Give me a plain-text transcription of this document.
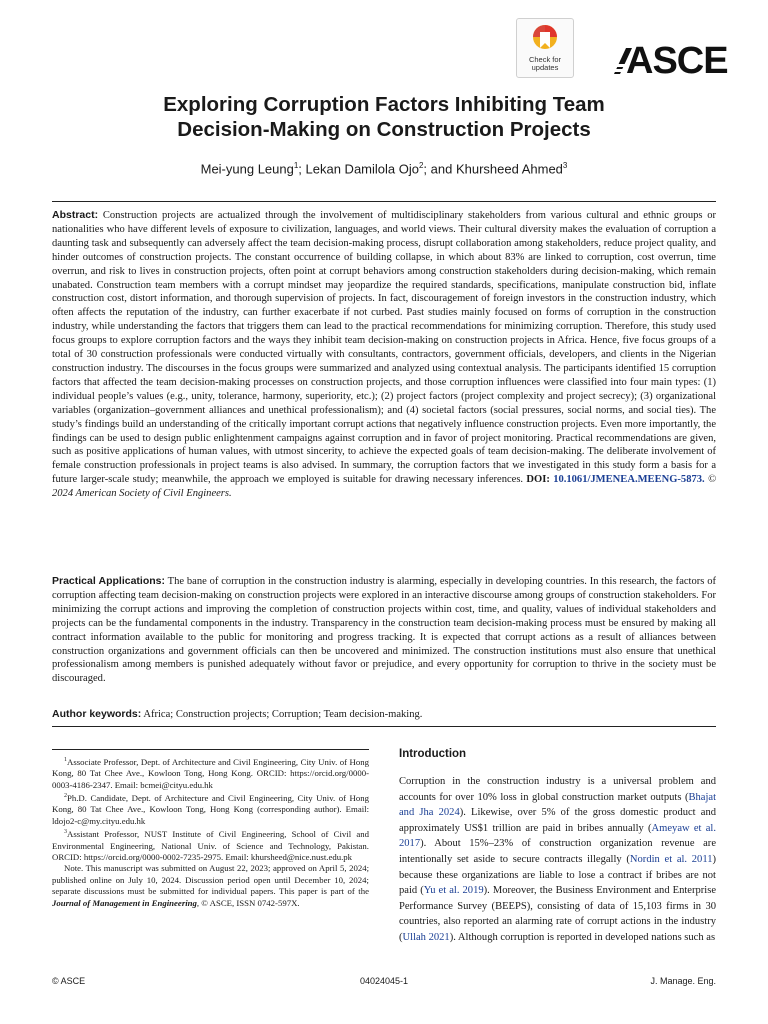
Check for
updates	ASCE
Exploring Corruption Factors Inhibiting Team
Decision-Making on Construction Projects
Mei-yung Leung$^1$; Lekan Damilola Ojo$^2$; and Khursheed Ahmed$^3$
Abstract: Construction projects are actualized through the involvement of multidisciplinary stakeholders from various cultural and ethnic groups or nationalities who have different levels of exposure to civilization, languages, and world views. Their cultural diversity makes the evaluation of corruption a daunting task and subsequently can adversely affect the team decision-making process, disrupt collaboration among stakeholders, reduce project quality, and hinder outcomes of construction projects. The constant occurrence of building collapse, in which about 83% are linked to corruption, cost overrun, time overrun, and risk to lives in construction projects, often point at corrupt behaviors among construction stakeholders during decision-making, which remain unabated. Construction team members with a corrupt mindset may jeopardize the required standards, specifications, manipulate construction bid, inflate construction cost, distort information, and thorough supervision of projects. In fact, discouragement of foreign investors in the construction industry, which often affects the reputation of the industry, can further exacerbate if not curbed. Past studies mainly focused on forms of corruption in the construction industry, while understanding the factors that triggers them can lead to the practical recommendations for minimizing corruption. Therefore, this study used focus groups to explore corruption factors and the ways they inhibit team decision-making on construction projects in Africa. Hence, five focus groups of a total of 30 construction professionals were conducted virtually with consultants, contractors, government officials, developers, and clients in the Nigerian construction industry. The discourses in the focus groups were summarized and analyzed using contextual analysis. The participants identified 15 corruption factors that affected the team decision-making processes on construction projects, and those corruption influences were classified into four main types: (1) individual people’s values (e.g., unity, tolerance, harmony, superiority, etc.); (2) project factors (project complexity and project secrecy); (3) organizational variables (organization–government alliances and unethical professionalism); and (4) societal factors (social pressures, social norms, and social ties). The study’s findings build an understanding of the critically important corrupt actions that negatively influence construction projects. Even more importantly, the findings can be used to design public enlightenment campaigns against corruption and in favor of project monitoring. Practical recommendations are given, such as positive applications of human values, with utmost sincerity, to achieve the expected goals of team decision-making. The deliberate involvement of female construction professionals in project teams is also advised. In summary, the corruption factors that we investigated in this study form a basis for a future larger-scale study; meanwhile, the approach we employed is suitable for drawing necessary inferences. DOI: 10.1061/JMENEA.MEENG-5873. © 2024 American Society of Civil Engineers.
Practical Applications: The bane of corruption in the construction industry is alarming, especially in developing countries. In this research, the factors of corruption affecting team decision-making on construction projects were explored in an interactive discourse among groups of construction stakeholders. For minimizing the corrupt actions and improving the completion of construction projects within cost, time, and quality, values of individual stakeholders and projects can be the fundamental components in the industry. Transparency in the construction team decision-making process must be ensured by making all contract information available to the public for monitoring and progress tracking. It is expected that corrupt actions as a result of alliances between construction organizations and government officials can then be uncovered and minimized. The construction institutions must also ensure that unethical professionalism among members is punished adequately without favor or prejudice, and every opportunity for corruption to thrive in the society must be discouraged.
Author keywords: Africa; Construction projects; Corruption; Team decision-making.

$^1$Associate Professor, Dept. of Architecture and Civil Engineering, City Univ. of Hong Kong, 80 Tat Chee Ave., Kowloon Tong, Hong Kong. ORCID: https://orcid.org/0000-0003-4186-2347. Email: bcmei@cityu.edu.hk

$^2$Ph.D. Candidate, Dept. of Architecture and Civil Engineering, City Univ. of Hong Kong, 80 Tat Chee Ave., Kowloon Tong, Hong Kong (corresponding author). Email: ldojo2-c@my.cityu.edu.hk

$^3$Assistant Professor, NUST Institute of Civil Engineering, School of Civil and Environmental Engineering, National Univ. of Science and Technology, Pakistan. ORCID: https://orcid.org/0000-0002-7235-2975. Email: khursheed@nice.nust.edu.pk

Note. This manuscript was submitted on August 22, 2023; approved on April 5, 2024; published online on July 10, 2024. Discussion period open until December 10, 2024; separate discussions must be submitted for individual papers. This paper is part of the Journal of Management in Engineering, © ASCE, ISSN 0742-597X.

Introduction

Corruption in the construction industry is a universal problem and accounts for over 10% loss in global construction market outputs (Bhajat and Jha 2024). Likewise, over 5% of the gross domestic product and approximately US$1 trillion are paid in bribes annually (Ameyaw et al. 2017). About 15%–23% of construction organization revenue are intentionally set aside to secure contracts illegally (Nordin et al. 2011) because these organizations are liable to lose a contract if bribes are not paid (Yu et al. 2019). Moreover, the Business Environment and Enterprise Performance Survey (BEEPS), consisting of data of 15,103 firms in 30 countries, also reported an alarming rate of corrupt actions in the industry (Ullah 2021). Although corruption is reported in developed nations such as

© ASCE	04024045-1	J. Manage. Eng.
